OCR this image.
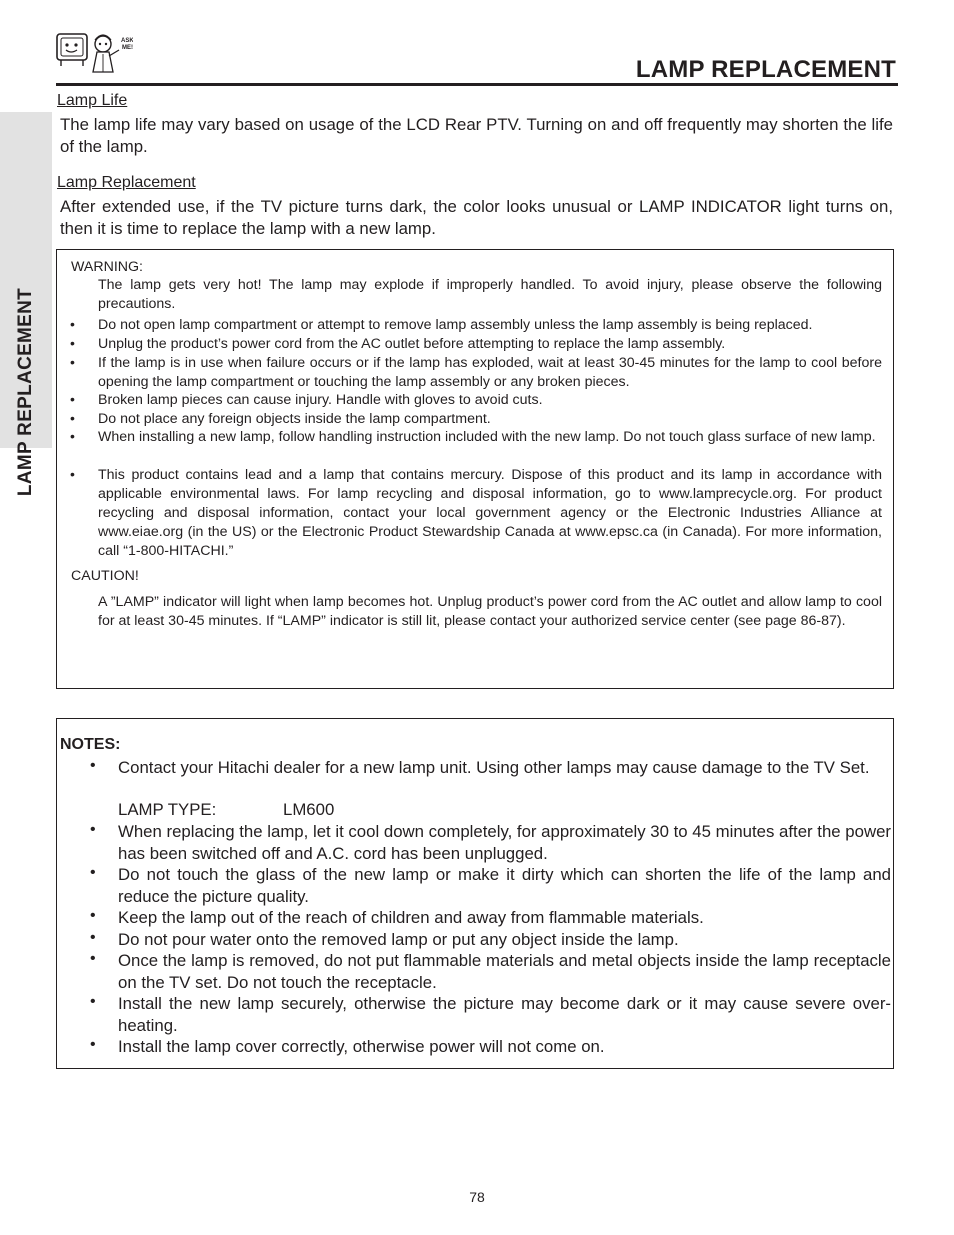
ASK
ME!
LAMP REPLACEMENT
LAMP REPLACEMENT
Lamp Life

The lamp life may vary based on usage of the LCD Rear PTV. Turning on and off frequently may shorten the life of the lamp.

Lamp Replacement

After extended use, if the TV picture turns dark, the color looks unusual or LAMP INDICATOR light turns on, then it is time to replace the lamp with a new lamp.

WARNING:

The lamp gets very hot! The lamp may explode if improperly handled. To avoid injury, please observe the following precautions.

• Do not open lamp compartment or attempt to remove lamp assembly unless the lamp assembly is being replaced.

• Unplug the product’s power cord from the AC outlet before attempting to replace the lamp assembly.

• If the lamp is in use when failure occurs or if the lamp has exploded, wait at least 30-45 minutes for the lamp to cool before opening the lamp compartment or touching the lamp assembly or any broken pieces.

• Broken lamp pieces can cause injury. Handle with gloves to avoid cuts.

• Do not place any foreign objects inside the lamp compartment.

• When installing a new lamp, follow handling instruction included with the new lamp. Do not touch glass surface of new lamp.

• This product contains lead and a lamp that contains mercury. Dispose of this product and its lamp in accordance with applicable environmental laws. For lamp recycling and disposal information, go to www.lamprecycle.org. For product recycling and disposal information, contact your local government agency or the Electronic Industries Alliance at www.eiae.org (in the US) or the Electronic Product Stewardship Canada at www.epsc.ca (in Canada). For more information, call “1-800-HITACHI.”

CAUTION!

A ”LAMP” indicator will light when lamp becomes hot. Unplug product’s power cord from the AC outlet and allow lamp to cool for at least 30-45 minutes. If “LAMP” indicator is still lit, please contact your authorized service center (see page 86-87).

NOTES:

• Contact your Hitachi dealer for a new lamp unit. Using other lamps may cause damage to the TV Set.

LAMP TYPE:	LM600
• When replacing the lamp, let it cool down completely, for approximately 30 to 45 minutes after the power has been switched off and A.C. cord has been unplugged.

• Do not touch the glass of the new lamp or make it dirty which can shorten the life of the lamp and reduce the picture quality.

• Keep the lamp out of the reach of children and away from flammable materials.

• Do not pour water onto the removed lamp or put any object inside the lamp.

• Once the lamp is removed, do not put flammable materials and metal objects inside the lamp receptacle on the TV set. Do not touch the receptacle.

• Install the new lamp securely, otherwise the picture may become dark or it may cause severe over-heating.

• Install the lamp cover correctly, otherwise power will not come on.

78
